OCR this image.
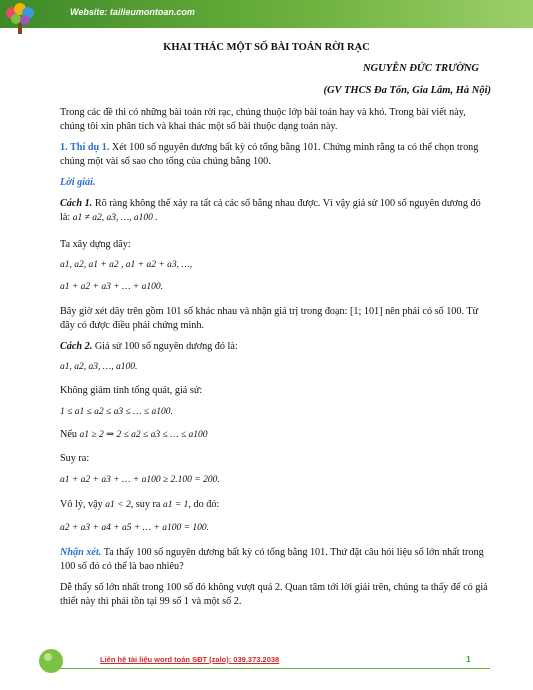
Website: tailieumontoan.com
KHAI THÁC MỘT SỐ BÀI TOÁN RỜI RẠC
NGUYỄN ĐỨC TRƯỜNG
(GV THCS Đa Tốn, Gia Lâm, Hà Nội)
Trong các đề thi có những bài toán rời rạc, chúng thuộc lớp bài toán hay và khó. Trong bài viết này, chúng tôi xin phân tích và khai thác một số bài thuộc dạng toán này.
1. Thí dụ 1. Xét 100 số nguyên dương bất kỳ có tổng bằng 101. Chứng minh rằng ta có thể chọn trong chúng một vài số sao cho tổng của chúng bằng 100.
Lời giải.
Cách 1. Rõ ràng không thể xảy ra tất cả các số bằng nhau được. Vì vậy giả sử 100 số nguyên dương đó là: a1 ≠ a2, a3, …, a100 .
Ta xây dựng dãy:
a1, a2, a1 + a2 , a1 + a2 + a3, …,
a1 + a2 + a3 + … + a100.
Bây giờ xét dãy trên gồm 101 số khác nhau và nhận giá trị trong đoạn: [1; 101] nên phải có số 100. Từ đây có được điều phải chứng minh.
Cách 2. Giả sử 100 số nguyên dương đó là:
a1, a2, a3, …, a100.
Không giảm tính tổng quát, giả sử:
1 ≤ a1 ≤ a2 ≤ a3 ≤ … ≤ a100.
Nếu a1 ≥ 2 ⇒ 2 ≤ a2 ≤ a3 ≤ … ≤ a100
Suy ra:
a1 + a2 + a3 + … + a100 ≥ 2.100 = 200.
Vô lý, vậy a1 < 2, suy ra a1 = 1, do đó:
a2 + a3 + a4 + a5 + … + a100 = 100.
Nhận xét. Ta thấy 100 số nguyên dương bất kỳ có tổng bằng 101. Thứ đặt câu hỏi liệu số lớn nhất trong 100 số đó có thể là bao nhiêu?
Dễ thấy số lớn nhất trong 100 số đó không vượt quá 2. Quan tâm tới lời giải trên, chúng ta thấy để có giả thiết này thì phải tồn tại 99 số 1 và một số 2.
Liên hệ tài liệu word toán SĐT (zalo): 039.373.2038	1
